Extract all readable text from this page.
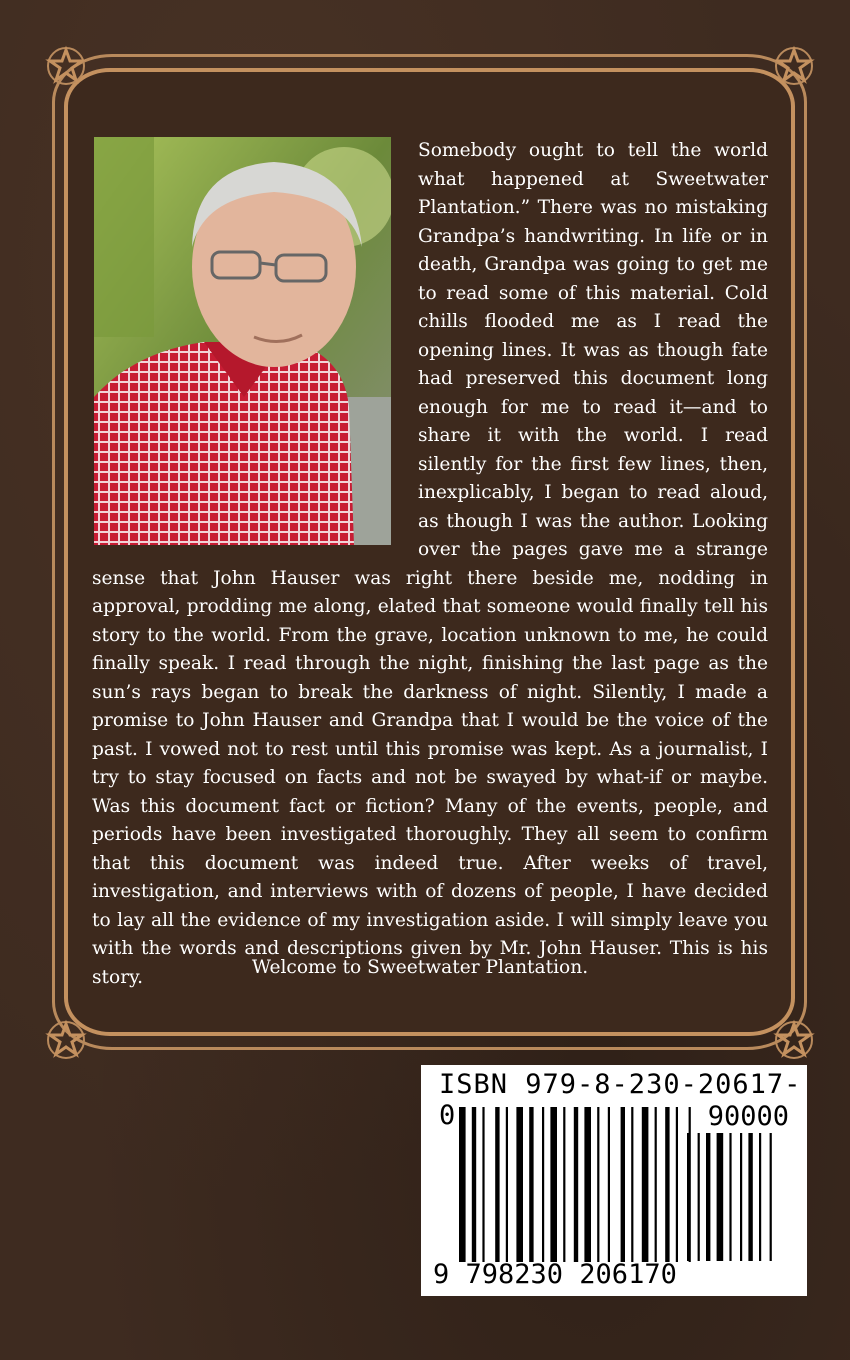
Somebody ought to tell the world what happened at Sweetwater Plantation.” There was no mistaking Grandpa’s handwriting. In life or in death, Grandpa was going to get me to read some of this material. Cold chills flooded me as I read the opening lines. It was as though fate had preserved this document long enough for me to read it—and to share it with the world. I read silently for the first few lines, then, inexplicably, I began to read aloud, as though I was the author. Looking over the pages gave me a strange sense that John Hauser was right there beside me, nodding in approval, prodding me along, elated that someone would finally tell his story to the world. From the grave, location unknown to me, he could finally speak. I read through the night, finishing the last page as the sun’s rays began to break the darkness of night. Silently, I made a promise to John Hauser and Grandpa that I would be the voice of the past. I vowed not to rest until this promise was kept. As a journalist, I try to stay focused on facts and not be swayed by what-if or maybe. Was this document fact or fiction? Many of the events, people, and periods have been investigated thoroughly. They all seem to confirm that this document was indeed true. After weeks of travel, investigation, and interviews with of dozens of people, I have decided to lay all the evidence of my investigation aside. I will simply leave you with the words and descriptions given by Mr. John Hauser. This is his story.	Welcome to Sweetwater Plantation.
ISBN 979-8-230-20617-0	90000
9 798230 206170
